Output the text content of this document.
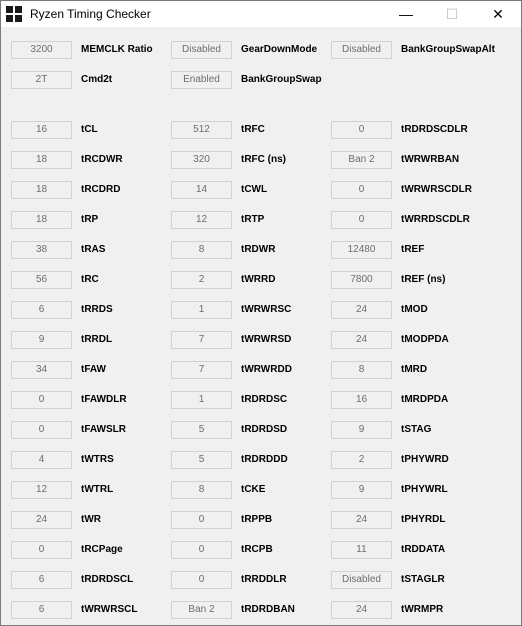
Ryzen Timing Checker	— ☐ ✕
3200	MEMCLK Ratio	Disabled	GearDownMode	Disabled	BankGroupSwapAlt
2T	Cmd2t	Enabled	BankGroupSwap
16	tCL	512	tRFC	0	tRDRDSCDLR
18	tRCDWR	320	tRFC (ns)	Ban 2	tWRWRBAN
18	tRCDRD	14	tCWL	0	tWRWRSCDLR
18	tRP	12	tRTP	0	tWRRDSCDLR
38	tRAS	8	tRDWR	12480	tREF
56	tRC	2	tWRRD	7800	tREF (ns)
6	tRRDS	1	tWRWRSC	24	tMOD
9	tRRDL	7	tWRWRSD	24	tMODPDA
34	tFAW	7	tWRWRDD	8	tMRD
0	tFAWDLR	1	tRDRDSC	16	tMRDPDA
0	tFAWSLR	5	tRDRDSD	9	tSTAG
4	tWTRS	5	tRDRDDD	2	tPHYWRD
12	tWTRL	8	tCKE	9	tPHYWRL
24	tWR	0	tRPPB	24	tPHYRDL
0	tRCPage	0	tRCPB	11	tRDDATA
6	tRDRDSCL	0	tRRDDLR	Disabled	tSTAGLR
6	tWRWRSCL	Ban 2	tRDRDBAN	24	tWRMPR
